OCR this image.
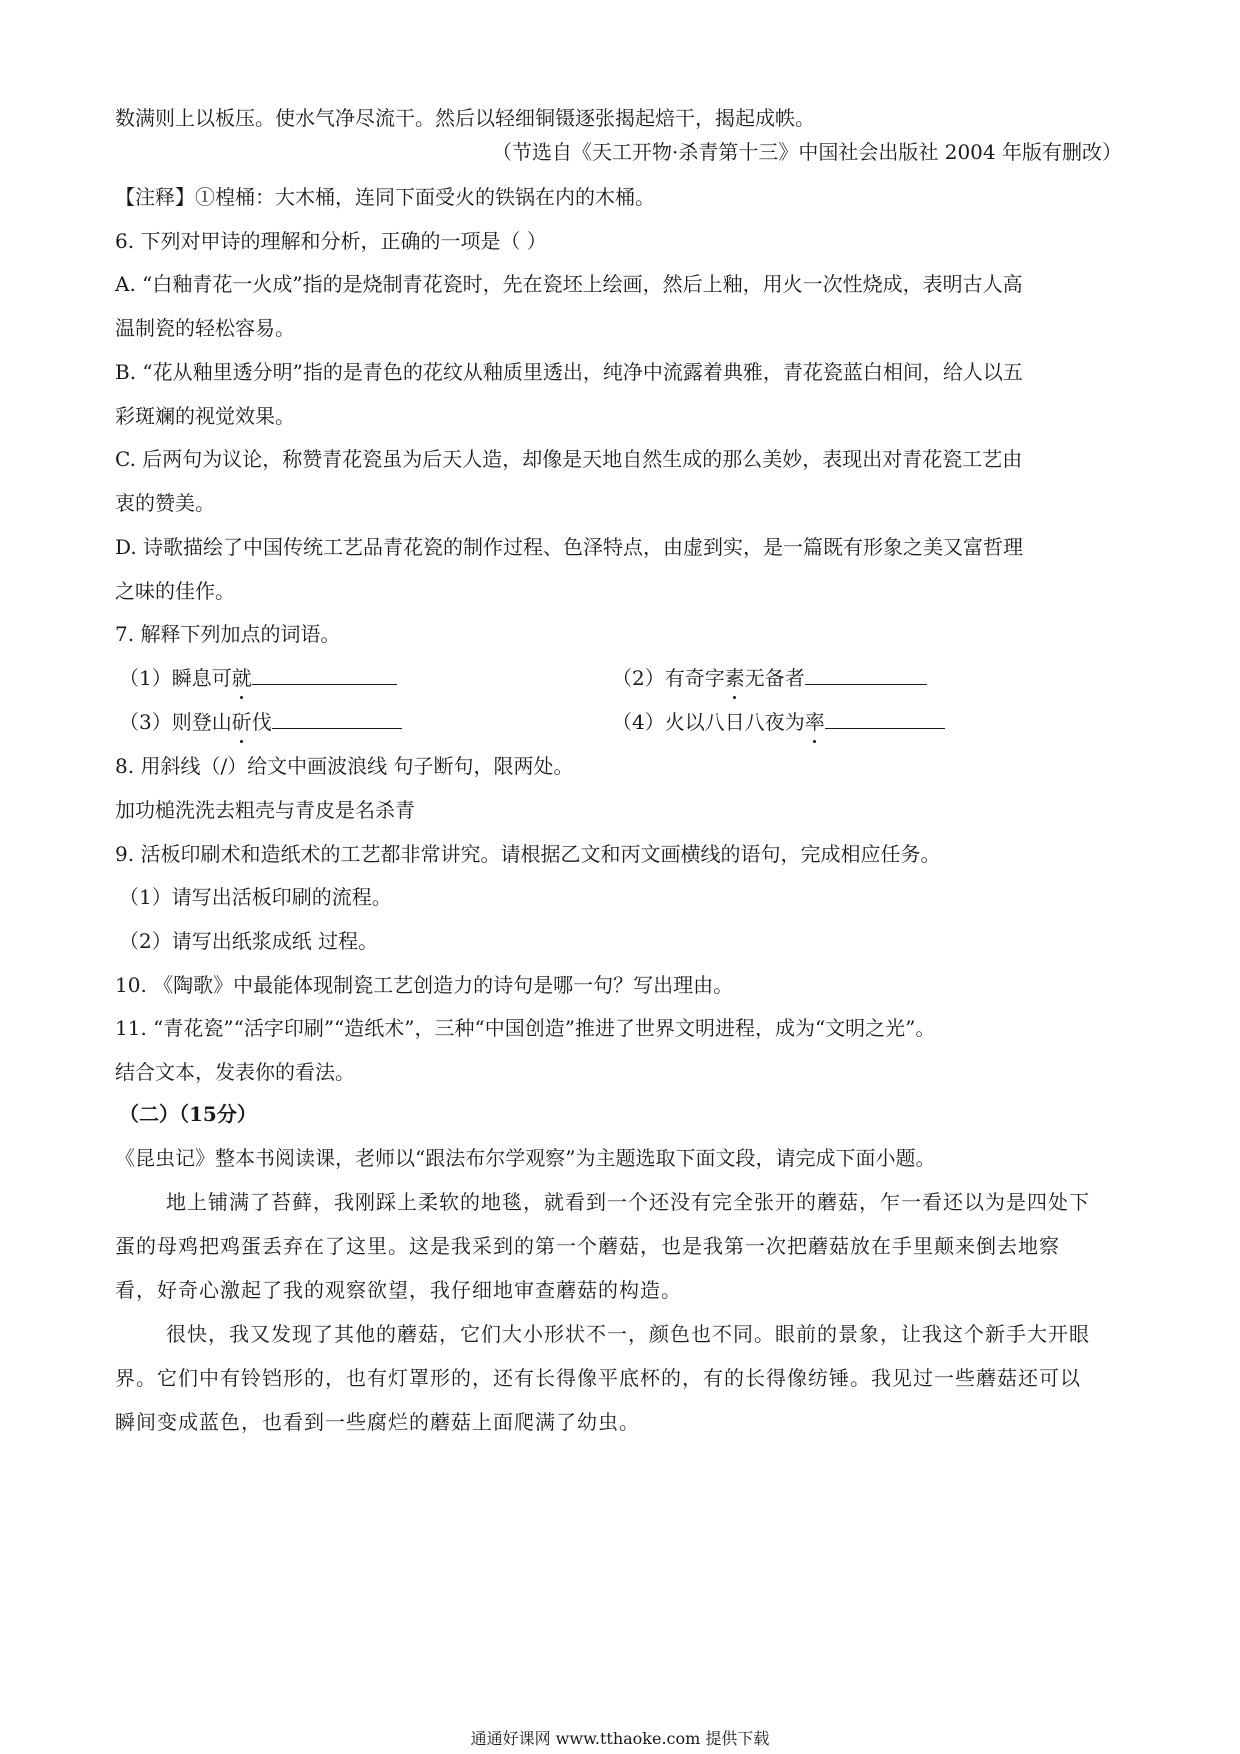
数满则上以板压。使水气净尽流干。然后以轻细铜镊逐张揭起焙干，揭起成帙。
（节选自《天工开物·杀青第十三》中国社会出版社 2004 年版有删改）
【注释】①楻桶：大木桶，连同下面受火的铁锅在内的木桶。
6. 下列对甲诗的理解和分析，正确的一项是（ ）
A. “白釉青花一火成”指的是烧制青花瓷时，先在瓷坯上绘画，然后上釉，用火一次性烧成，表明古人高
温制瓷的轻松容易。
B. “花从釉里透分明”指的是青色的花纹从釉质里透出，纯净中流露着典雅，青花瓷蓝白相间，给人以五
彩斑斓的视觉效果。
C. 后两句为议论，称赞青花瓷虽为后天人造，却像是天地自然生成的那么美妙，表现出对青花瓷工艺由
衷的赞美。
D. 诗歌描绘了中国传统工艺品青花瓷的制作过程、色泽特点，由虚到实，是一篇既有形象之美又富哲理
之味的佳作。
7. 解释下列加点的词语。
（1）瞬息可就	（2）有奇字素无备者
（3）则登山斫伐	（4）火以八日八夜为率
8. 用斜线（/）给文中画波浪线 句子断句，限两处。
加功槌洗洗去粗壳与青皮是名杀青
9. 活板印刷术和造纸术的工艺都非常讲究。请根据乙文和丙文画横线的语句，完成相应任务。
（1）请写出活板印刷的流程。
（2）请写出纸浆成纸 过程。
10. 《陶歌》中最能体现制瓷工艺创造力的诗句是哪一句？写出理由。
11. “青花瓷”“活字印刷”“造纸术”，三种“中国创造”推进了世界文明进程，成为“文明之光”。
结合文本，发表你的看法。
（二）（15分）
《昆虫记》整本书阅读课，老师以“跟法布尔学观察”为主题选取下面文段，请完成下面小题。
地上铺满了苔藓，我刚踩上柔软的地毯，就看到一个还没有完全张开的蘑菇，乍一看还以为是四处下
蛋的母鸡把鸡蛋丢弃在了这里。这是我采到的第一个蘑菇，也是我第一次把蘑菇放在手里颠来倒去地察
看，好奇心激起了我的观察欲望，我仔细地审查蘑菇的构造。
很快，我又发现了其他的蘑菇，它们大小形状不一，颜色也不同。眼前的景象，让我这个新手大开眼
界。它们中有铃铛形的，也有灯罩形的，还有长得像平底杯的，有的长得像纺锤。我见过一些蘑菇还可以
瞬间变成蓝色，也看到一些腐烂的蘑菇上面爬满了幼虫。
通通好课网 www.tthaoke.com 提供下载
